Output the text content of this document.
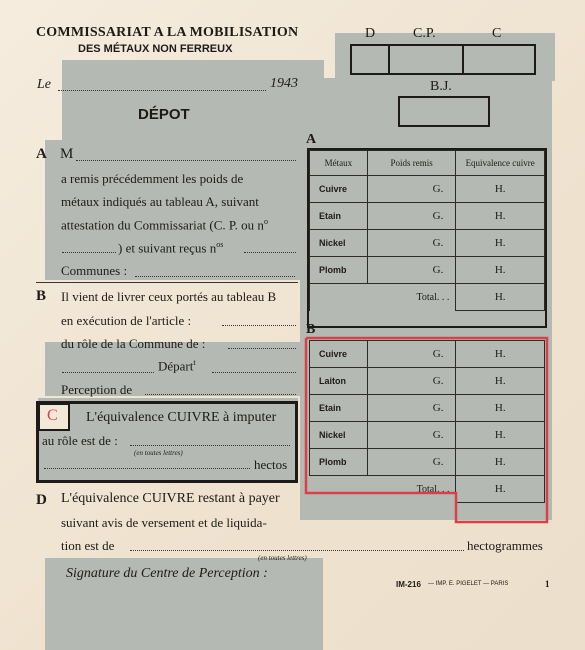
COMMISSARIAT A LA MOBILISATION
DES MÉTAUX NON FERREUX
Le	1943
DÉPOT
D	C.P.	C
B.J.
A M
a remis précédemment les poids de
métaux indiqués au tableau A, suivant
attestation du Commissariat (C. P. ou $n^o$
) et suivant reçus $n^{os}$
Communes :
A
Métaux	Poids remis	Equivalence cuivre
Cuivre	G.	H.
Etain	G.	H.
Nickel	G.	H.
Plomb	G.	H.
	Total. . .	H.
B Il vient de livrer ceux portés au tableau B
en exécution de l'article :
du rôle de la Commune de :
Départ$^t$
Perception de
B
Cuivre	G.	H.
Laiton	G.	H.
Etain	G.	H.
Nickel	G.	H.
Plomb	G.	H.
	Total. . .	H.
C L'équivalence CUIVRE à imputer
au rôle est de :
(en toutes lettres)
hectos
D L'équivalence CUIVRE restant à payer
suivant avis de versement et de liquida-
tion est de	hectogrammes
(en toutes lettres)
Signature du Centre de Perception :
IM-216 — IMP. E. PIGELET — PARIS	1
